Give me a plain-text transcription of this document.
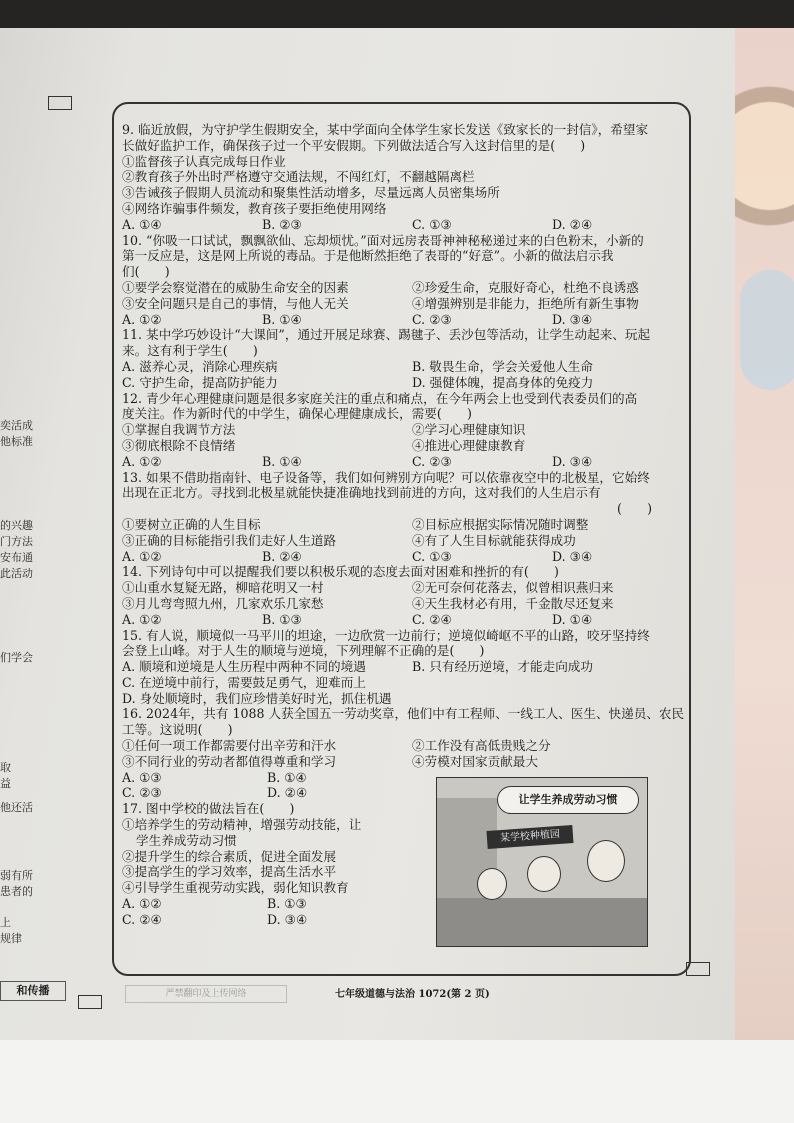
奕活成
他标准
的兴趣
门方法
安布通
此活动
们学会
取
益
他还活
弱有所
患者的
上
规律
9. 临近放假，为守护学生假期安全，某中学面向全体学生家长发送《致家长的一封信》，希望家
长做好监护工作，确保孩子过一个平安假期。下列做法适合写入这封信里的是(　　)
①监督孩子认真完成每日作业
②教育孩子外出时严格遵守交通法规，不闯红灯，不翻越隔离栏
③告诫孩子假期人员流动和聚集性活动增多，尽量远离人员密集场所
④网络诈骗事件频发，教育孩子要拒绝使用网络
A. ①④	B. ②③	C. ①③	D. ②④
10. “你吸一口试试，飘飘欲仙、忘却烦忧。”面对远房表哥神神秘秘递过来的白色粉末，小新的
第一反应是，这是网上所说的毒品。于是他断然拒绝了表哥的“好意”。小新的做法启示我
们(　　)
①要学会察觉潜在的威胁生命安全的因素	②珍爱生命，克服好奇心，杜绝不良诱惑
③安全问题只是自己的事情，与他人无关	④增强辨别是非能力，拒绝所有新生事物
A. ①②	B. ①④	C. ②③	D. ③④
11. 某中学巧妙设计“大课间”，通过开展足球赛、踢毽子、丢沙包等活动，让学生动起来、玩起
来。这有利于学生(　　)
A. 滋养心灵，消除心理疾病	B. 敬畏生命，学会关爱他人生命
C. 守护生命，提高防护能力	D. 强健体魄，提高身体的免疫力
12. 青少年心理健康问题是很多家庭关注的重点和痛点，在今年两会上也受到代表委员们的高
度关注。作为新时代的中学生，确保心理健康成长，需要(　　)
①掌握自我调节方法	②学习心理健康知识
③彻底根除不良情绪	④推进心理健康教育
A. ①②	B. ①④	C. ②③	D. ③④
13. 如果不借助指南针、电子设备等，我们如何辨别方向呢？可以依靠夜空中的北极星，它始终
出现在正北方。寻找到北极星就能快捷准确地找到前进的方向，这对我们的人生启示有
(　　)
①要树立正确的人生目标	②目标应根据实际情况随时调整
③正确的目标能指引我们走好人生道路	④有了人生目标就能获得成功
A. ①②	B. ②④	C. ①③	D. ③④
14. 下列诗句中可以提醒我们要以积极乐观的态度去面对困难和挫折的有(　　)
①山重水复疑无路，柳暗花明又一村	②无可奈何花落去，似曾相识燕归来
③月儿弯弯照九州，几家欢乐几家愁	④天生我材必有用，千金散尽还复来
A. ①②	B. ①③	C. ②④	D. ①④
15. 有人说，顺境似一马平川的坦途，一边欣赏一边前行；逆境似崎岖不平的山路，咬牙坚持终
会登上山峰。对于人生的顺境与逆境，下列理解不正确的是(　　)
A. 顺境和逆境是人生历程中两种不同的境遇	B. 只有经历逆境，才能走向成功
C. 在逆境中前行，需要鼓足勇气，迎难而上
D. 身处顺境时，我们应珍惜美好时光，抓住机遇
16. 2024年，共有 1088 人获全国五一劳动奖章，他们中有工程师、一线工人、医生、快递员、农民
工等。这说明(　　)
①任何一项工作都需要付出辛劳和汗水	②工作没有高低贵贱之分
③不同行业的劳动者都值得尊重和学习	④劳模对国家贡献最大
A. ①③	B. ①④
C. ②③	D. ②④
17. 图中学校的做法旨在(　　)
①培养学生的劳动精神，增强劳动技能，让
学生养成劳动习惯
②提升学生的综合素质，促进全面发展
③提高学生的学习效率，提高生活水平
④引导学生重视劳动实践，弱化知识教育
A. ①②	B. ①③
C. ②④	D. ③④
让学生养成劳动习惯
某学校种植园
和传播	严禁翻印及上传网络	七年级道德与法治 1072(第 2 页)
